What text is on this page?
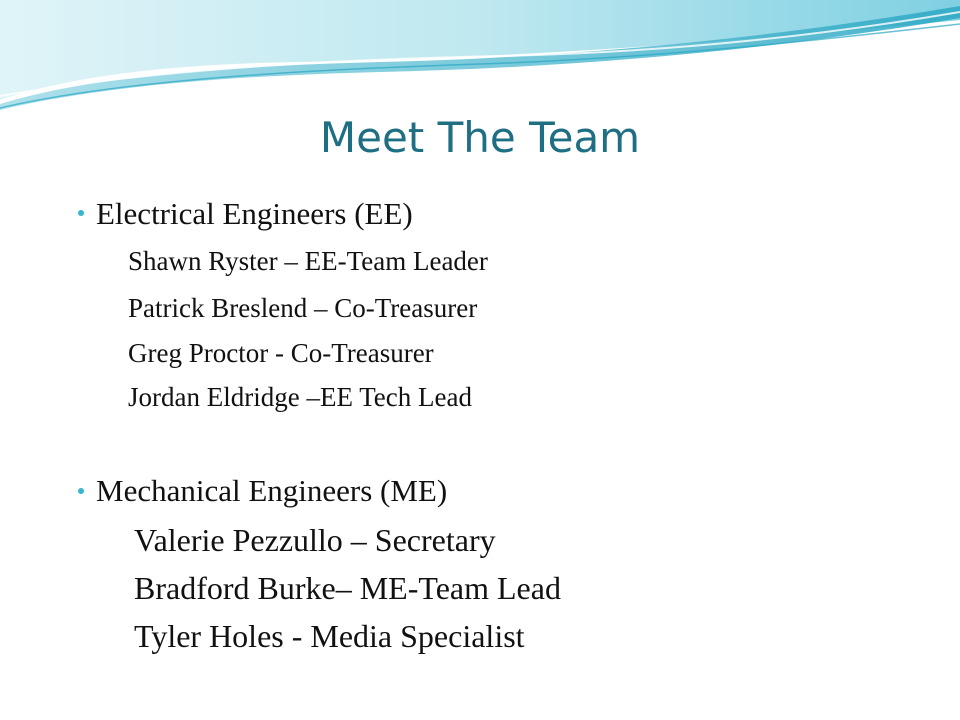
Meet The Team
Electrical Engineers (EE)
Shawn Ryster – EE-Team Leader
Patrick Breslend – Co-Treasurer
Greg Proctor - Co-Treasurer
Jordan Eldridge –EE Tech Lead
Mechanical Engineers (ME)
Valerie Pezzullo – Secretary
Bradford Burke– ME-Team Lead
Tyler Holes - Media Specialist
